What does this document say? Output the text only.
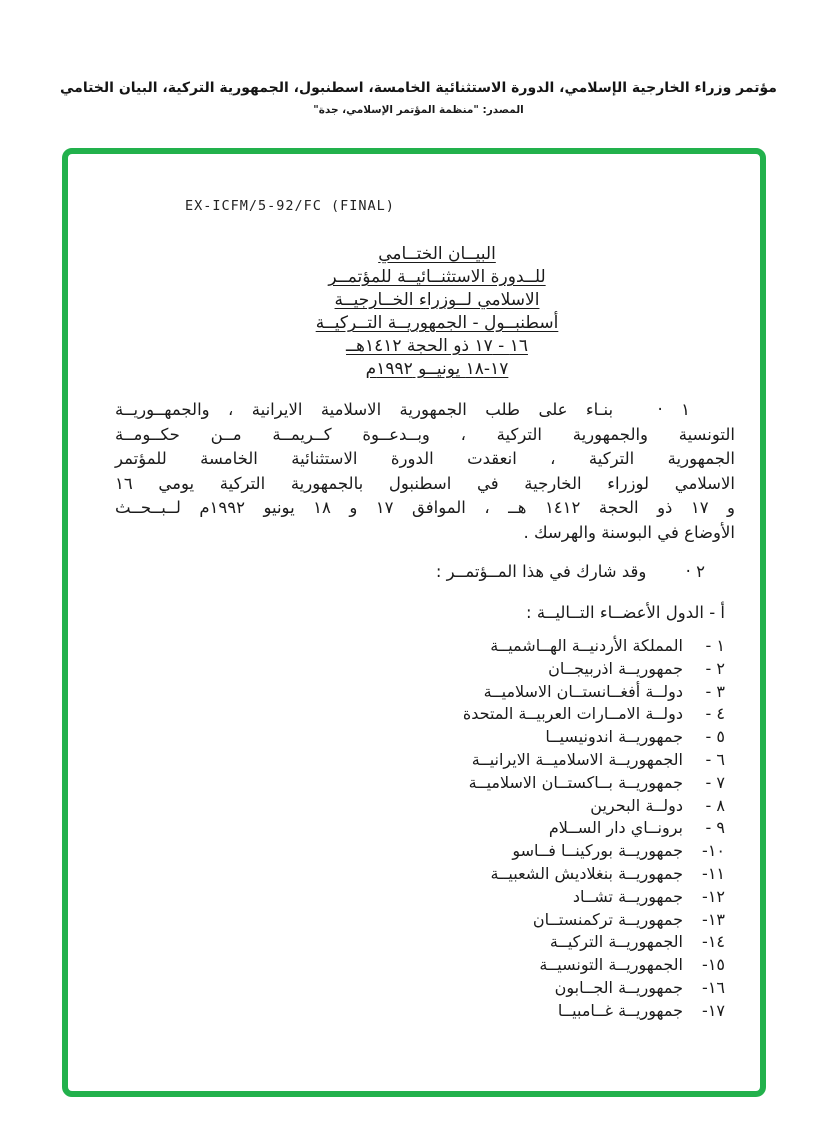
مؤتمر وزراء الخارجية الإسلامي، الدورة الاستثنائية الخامسة، اسطنبول، الجمهورية التركية، البيان الختامي
المصدر: "منظمة المؤتمر الإسلامي، جدة"
EX-ICFM/5-92/FC (FINAL)
البيــان الختــامي
للــدورة الاستثنــائيــة للمؤتمــر
الاسلامي لــوزراء الخــارجيــة
أسطنبــول - الجمهوريــة التــركيــة
١٦ - ١٧ ذو الحجة ١٤١٢هــ
١٧-١٨ يونيــو ١٩٩٢م
١ · بنـاء على طلب الجمهورية الاسلامية الايرانية ، والجمهــوريــة
التونسية والجمهورية التركية ، وبــدعــوة كــريمــة مــن حكــومــة
الجمهورية التركية ، انعقدت الدورة الاستثنائية الخامسة للمؤتمر
الاسلامي لوزراء الخارجية في اسطنبول بالجمهورية التركية يومي ١٦
و ١٧ ذو الحجة ١٤١٢ هــ ، الموافق ١٧ و ١٨ يونيو ١٩٩٢م لــبــحــث
الأوضاع في البوسنة والهرسك .
٢ · وقد شارك في هذا المــؤتمــر :
أ - الدول الأعضــاء التــاليــة :
١ -المملكة الأردنيــة الهــاشميــة
٢ -جمهوريــة اذربيجــان
٣ -دولــة أفغــانستــان الاسلاميــة
٤ -دولــة الامــارات العربيــة المتحدة
٥ -جمهوريــة اندونيسيــا
٦ -الجمهوريــة الاسلاميــة الايرانيــة
٧ -جمهوريــة بــاكستــان الاسلاميــة
٨ -دولــة البحرين
٩ -برونــاي دار الســلام
١٠-جمهوريــة بوركينــا فــاسو
١١-جمهوريــة بنغلاديش الشعبيــة
١٢-جمهوريــة تشــاد
١٣-جمهوريــة تركمنستــان
١٤-الجمهوريــة التركيــة
١٥-الجمهوريــة التونسيــة
١٦-جمهوريــة الجــابون
١٧-جمهوريــة غــامبيــا
